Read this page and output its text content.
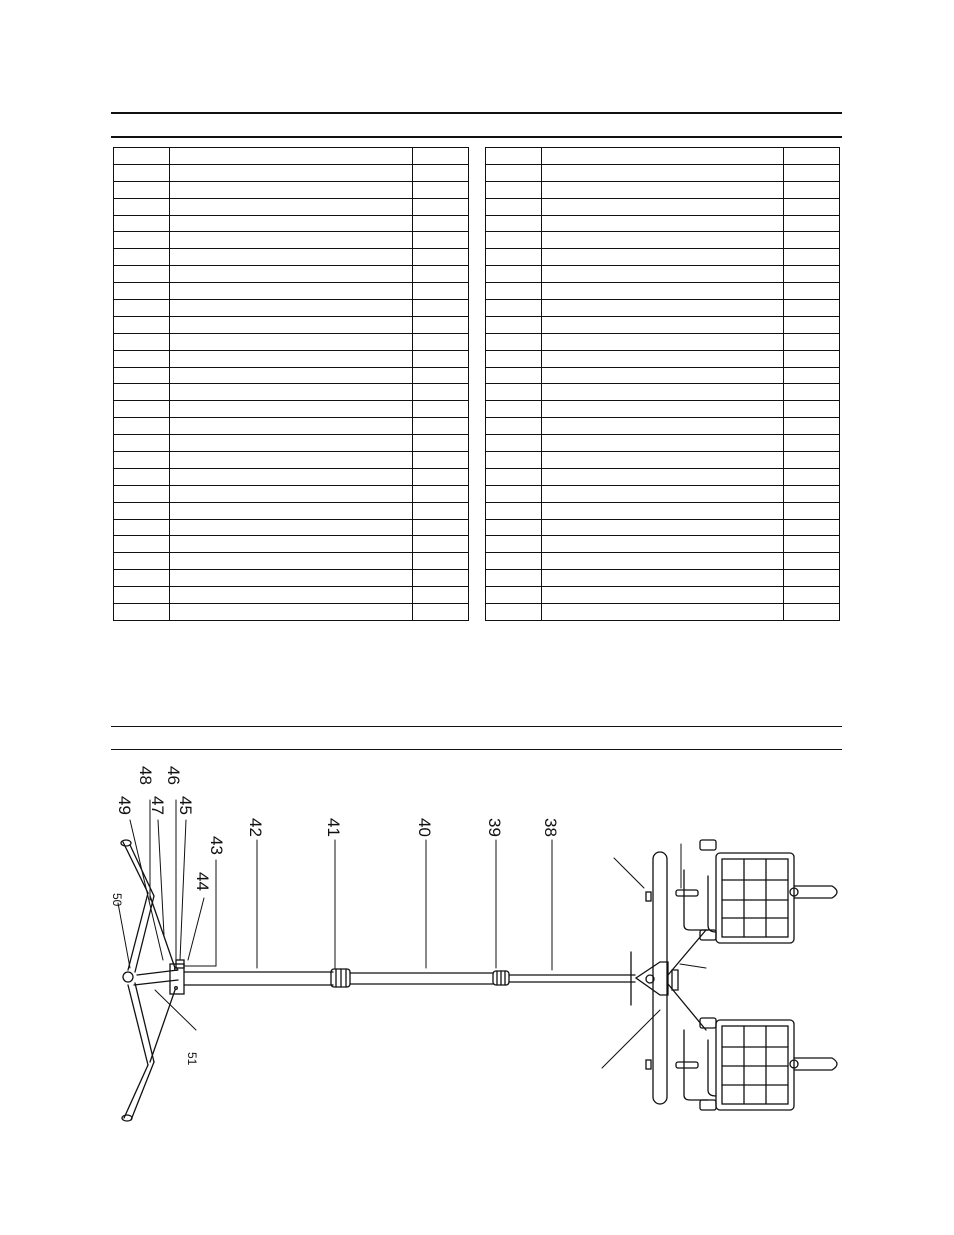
48 46
49 47 45
42	41	40	39 38
43
44
50
51
